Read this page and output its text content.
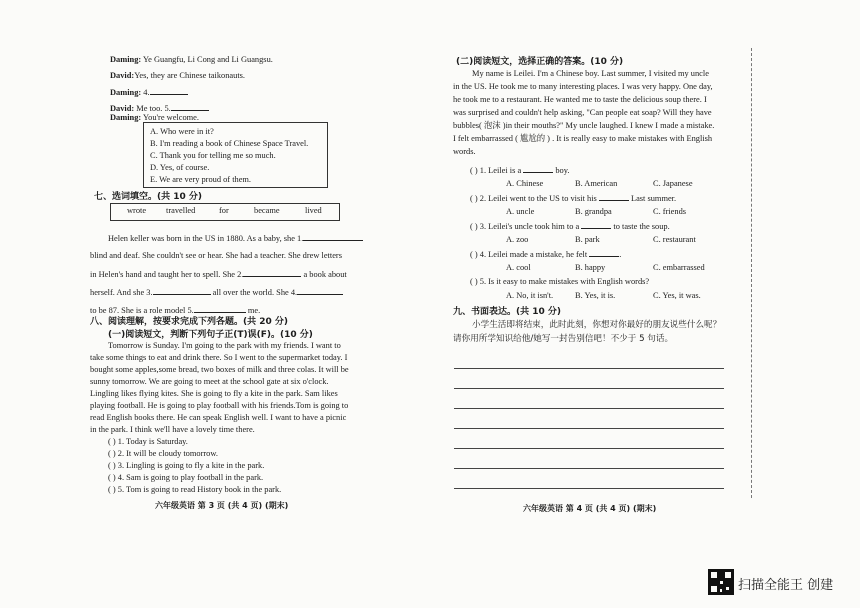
Daming: Ye Guangfu, Li Cong and Li Guangsu.
David:Yes, they are Chinese taikonauts.
Daming: 4.
David: Me too. 5.
Daming: You're welcome.
A. Who were in it?
B. I'm reading a book of Chinese Space Travel.
C. Thank you for telling me so much.
D. Yes, of course.
E. We are very proud of them.
七、选词填空。(共 10 分)
wrote travelled	for	became	lived
Helen keller was born in the US in 1880. As a baby, she 1.
blind and deaf. She couldn't see or hear. She had a teacher. She drew letters
in Helen's hand and taught her to spell. She 2.	a book about
herself. And she 3.	all over the world. She 4.
to be 87. She is a role model 5.	me.
八、阅读理解，按要求完成下列各题。(共 20 分)
(一)阅读短文，判断下列句子正(T)误(F)。(10 分)
Tomorrow is Sunday. I'm going to the park with my friends. I want to
take some things to eat and drink there. So I went to the supermarket today. I
bought some apples,some bread, two boxes of milk and three colas. It will be
sunny tomorrow. We are going to meet at the school gate at six o'clock.
Lingling likes flying kites. She is going to fly a kite in the park. Sam likes
playing football. He is going to play football with his friends.Tom is going to
read English books there. He can speak English well. I want to have a picnic
in the park. I think we'll have a lovely time there.
( ) 1. Today is Saturday.
( ) 2. It will be cloudy tomorrow.
( ) 3. Lingling is going to fly a kite in the park.
( ) 4. Sam is going to play football in the park.
( ) 5. Tom is going to read History book in the park.
六年级英语 第 3 页 (共 4 页) (期末)
(二)阅读短文，选择正确的答案。(10 分)
My name is Leilei. I'm a Chinese boy. Last summer, I visited my uncle
in the US. He took me to many interesting places. I was very happy. One day,
he took me to a restaurant. He wanted me to taste the delicious soup there. I
was surprised and couldn't help asking, "Can people eat soap? Will they have
bubbles( 泡沫 )in their mouths?" My uncle laughed. I knew I made a mistake.
I felt embarrassed ( 尴尬的 ) . It is really easy to make mistakes with English
words.
( ) 1. Leilei is a	boy.
A. Chinese	B. American	C. Japanese
( ) 2. Leilei went to the US to visit his	Last summer.
A. uncle	B. grandpa	C. friends
( ) 3. Leilei's uncle took him to a	to taste the soup.
A. zoo	B. park	C. restaurant
( ) 4. Leilei made a mistake, he felt	.
A. cool	B. happy	C. embarrassed
( ) 5. Is it easy to make mistakes with English words?
A. No, it isn't.	B. Yes, it is.	C. Yes, it was.
九、书面表达。(共 10 分)
小学生活即将结束，此时此刻，你想对你最好的朋友说些什么呢？
请你用所学知识给他/她写一封告别信吧！不少于 5 句话。
六年级英语 第 4 页 (共 4 页) (期末)
扫描全能王 创建
